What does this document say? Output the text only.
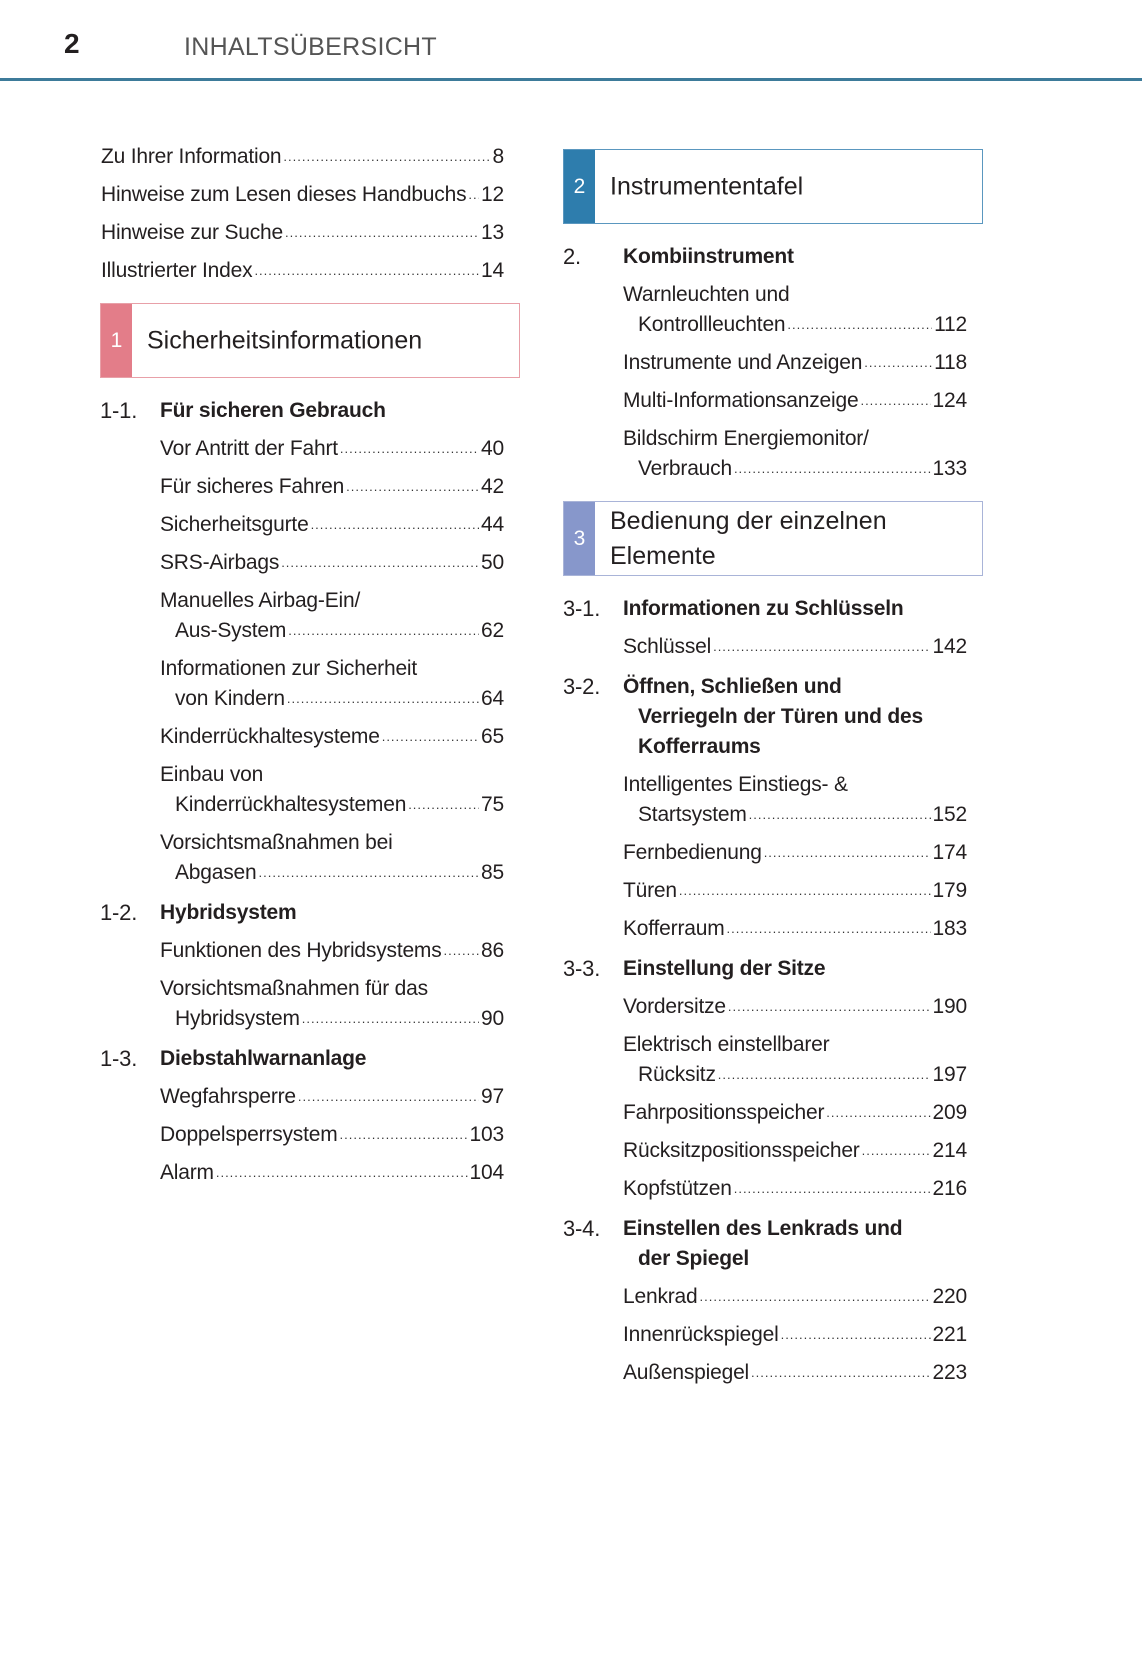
2	INHALTSÜBERSICHT
Zu Ihrer Information .....	8
Hinweise zum Lesen dieses Handbuchs ..... 12
Hinweise zur Suche .....	13
Illustrierter Index .....	14
1 Sicherheitsinformationen
1-1.	Für sicheren Gebrauch
Vor Antritt der Fahrt .....	40
Für sicheres Fahren .....	42
Sicherheitsgurte .....	44
SRS-Airbags .....	50
Manuelles Airbag-Ein/
Aus-System .....	62
Informationen zur Sicherheit
von Kindern .....	64
Kinderrückhaltesysteme .....	65
Einbau von
Kinderrückhaltesystemen .....	75
Vorsichtsmaßnahmen bei
Abgasen .....	85
1-2.	Hybridsystem
Funktionen des Hybridsystems ..... 86
Vorsichtsmaßnahmen für das
Hybridsystem .....	90
1-3.	Diebstahlwarnanlage
Wegfahrsperre .....	97
Doppelsperrsystem .....	103
Alarm .....	104
2 Instrumententafel
2.	Kombiinstrument
Warnleuchten und
Kontrollleuchten .....	112
Instrumente und Anzeigen .....	118
Multi-Informationsanzeige .....	124
Bildschirm Energiemonitor/
Verbrauch .....	133
3
Bedienung der einzelnen
Elemente
3-1.	Informationen zu Schlüsseln
Schlüssel .....	142
3-2.	Öffnen, Schließen und
Verriegeln der Türen und des
Kofferraums
Intelligentes Einstiegs- &
Startsystem .....	152
Fernbedienung .....	174
Türen .....	179
Kofferraum .....	183
3-3.	Einstellung der Sitze
Vordersitze .....	190
Elektrisch einstellbarer
Rücksitz .....	197
Fahrpositionsspeicher .....	209
Rücksitzpositionsspeicher .....	214
Kopfstützen .....	216
3-4.	Einstellen des Lenkrads und
der Spiegel
Lenkrad .....	220
Innenrückspiegel .....	221
Außenspiegel .....	223
